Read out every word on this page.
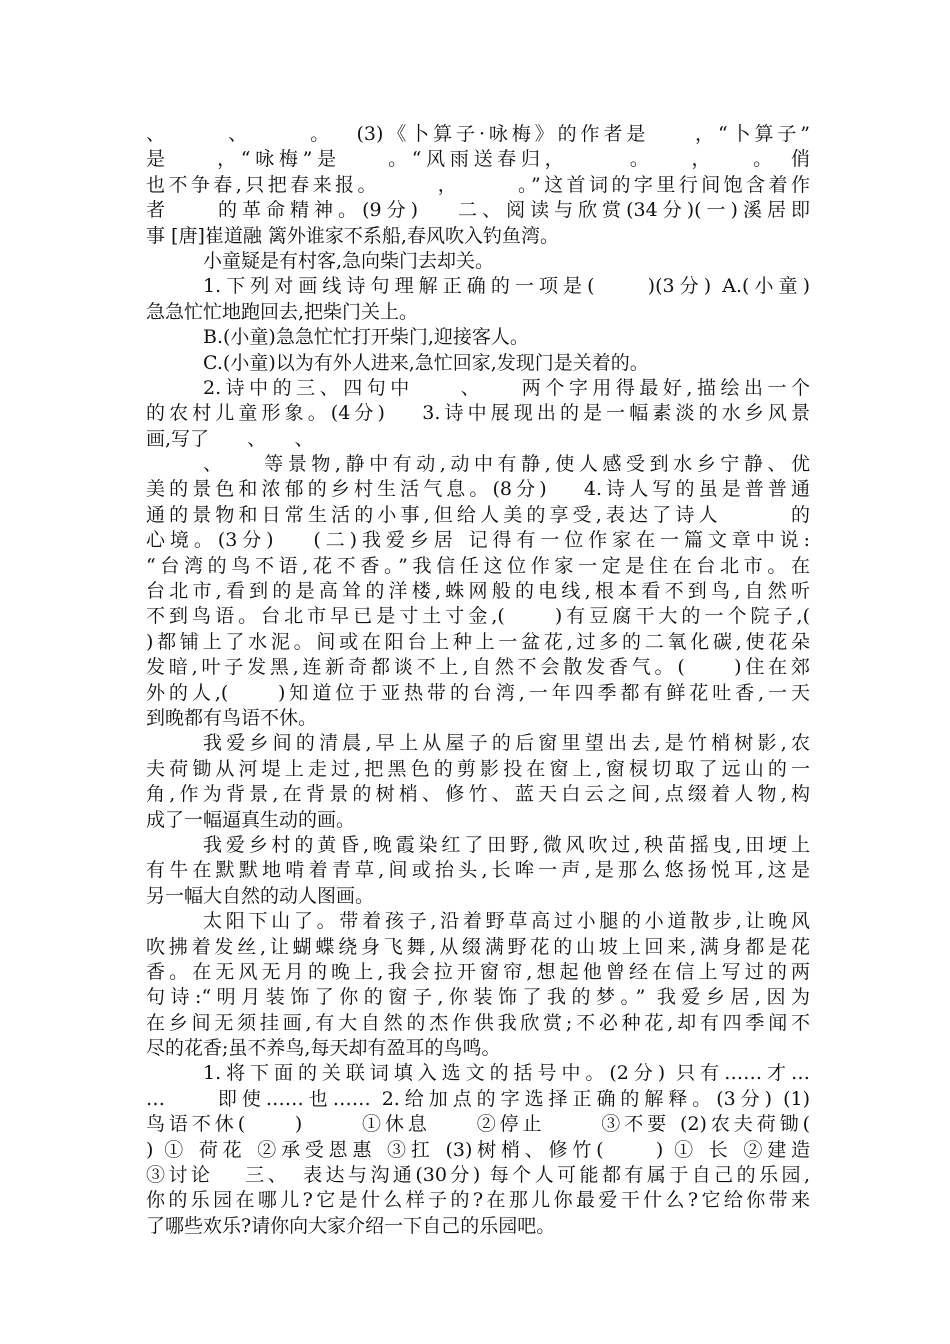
、　　　、　　　。　 (3)《卜算子·咏梅》的作者是　　，“卜算子”
是　　，“咏梅”是　　。“风雨送春归，　　　。　　，　　。　俏
也不争春,只把春来报。　　　，　　　。”这首词的字里行间饱含着作
者　　的革命精神。(9分)　 二、阅读与欣赏(34分)(一)溪居即
事 [唐]崔道融 篱外谁家不系船,春风吹入钓鱼湾。
小童疑是有村客,急向柴门去却关。
1.下列对画线诗句理解正确的一项是(　　)(3分) A.(小童)
急急忙忙地跑回去,把柴门关上。
B.(小童)急急忙忙打开柴门,迎接客人。
C.(小童)以为有外人进来,急忙回家,发现门是关着的。
2.诗中的三、四句中　　、　　两个字用得最好,描绘出一个
的农村儿童形象。(4分)　 3.诗中展现出的是一幅素淡的水乡风景
画,写了　　、　　、
、　　等景物,静中有动,动中有静,使人感受到水乡宁静、优
美的景色和浓郁的乡村生活气息。(8分)　 4.诗人写的虽是普普通
通的景物和日常生活的小事,但给人美的享受,表达了诗人　　　的
心境。(3分)　 (二)我爱乡居 记得有一位作家在一篇文章中说:
“台湾的鸟不语,花不香。”我信任这位作家一定是住在台北市。在
台北市,看到的是高耸的洋楼,蛛网般的电线,根本看不到鸟,自然听
不到鸟语。台北市早已是寸土寸金,(　　)有豆腐干大的一个院子,(
)都铺上了水泥。间或在阳台上种上一盆花,过多的二氧化碳,使花朵
发暗,叶子发黑,连新奇都谈不上,自然不会散发香气。(　　)住在郊
外的人,(　　)知道位于亚热带的台湾,一年四季都有鲜花吐香,一天
到晚都有鸟语不休。
我爱乡间的清晨,早上从屋子的后窗里望出去,是竹梢树影,农
夫荷锄从河堤上走过,把黑色的剪影投在窗上,窗棂切取了远山的一
角,作为背景,在背景的树梢、修竹、蓝天白云之间,点缀着人物,构
成了一幅逼真生动的画。
我爱乡村的黄昏,晚霞染红了田野,微风吹过,秧苗摇曳,田埂上
有牛在默默地啃着青草,间或抬头,长哞一声,是那么悠扬悦耳,这是
另一幅大自然的动人图画。
太阳下山了。带着孩子,沿着野草高过小腿的小道散步,让晚风
吹拂着发丝,让蝴蝶绕身飞舞,从缀满野花的山坡上回来,满身都是花
香。在无风无月的晚上,我会拉开窗帘,想起他曾经在信上写过的两
句诗:“明月装饰了你的窗子,你装饰了我的梦。” 我爱乡居,因为
在乡间无须挂画,有大自然的杰作供我欣赏;不必种花,却有四季闻不
尽的花香;虽不养鸟,每天却有盈耳的鸟鸣。
1.将下面的关联词填入选文的括号中。(2分) 只有……才…
…　　即使……也…… 2.给加点的字选择正确的解释。(3分) (1)
鸟语不休(　　)　　 ①休息　　②停止　　 ③不要 (2)农夫荷锄(
) ① 荷花 ②承受恩惠 ③扛 (3)树梢、修竹(　　) ① 长 ②建造
③讨论　 三、　表达与沟通(30分) 每个人可能都有属于自己的乐园,
你的乐园在哪儿?它是什么样子的?在那儿你最爱干什么?它给你带来
了哪些欢乐?请你向大家介绍一下自己的乐园吧。
